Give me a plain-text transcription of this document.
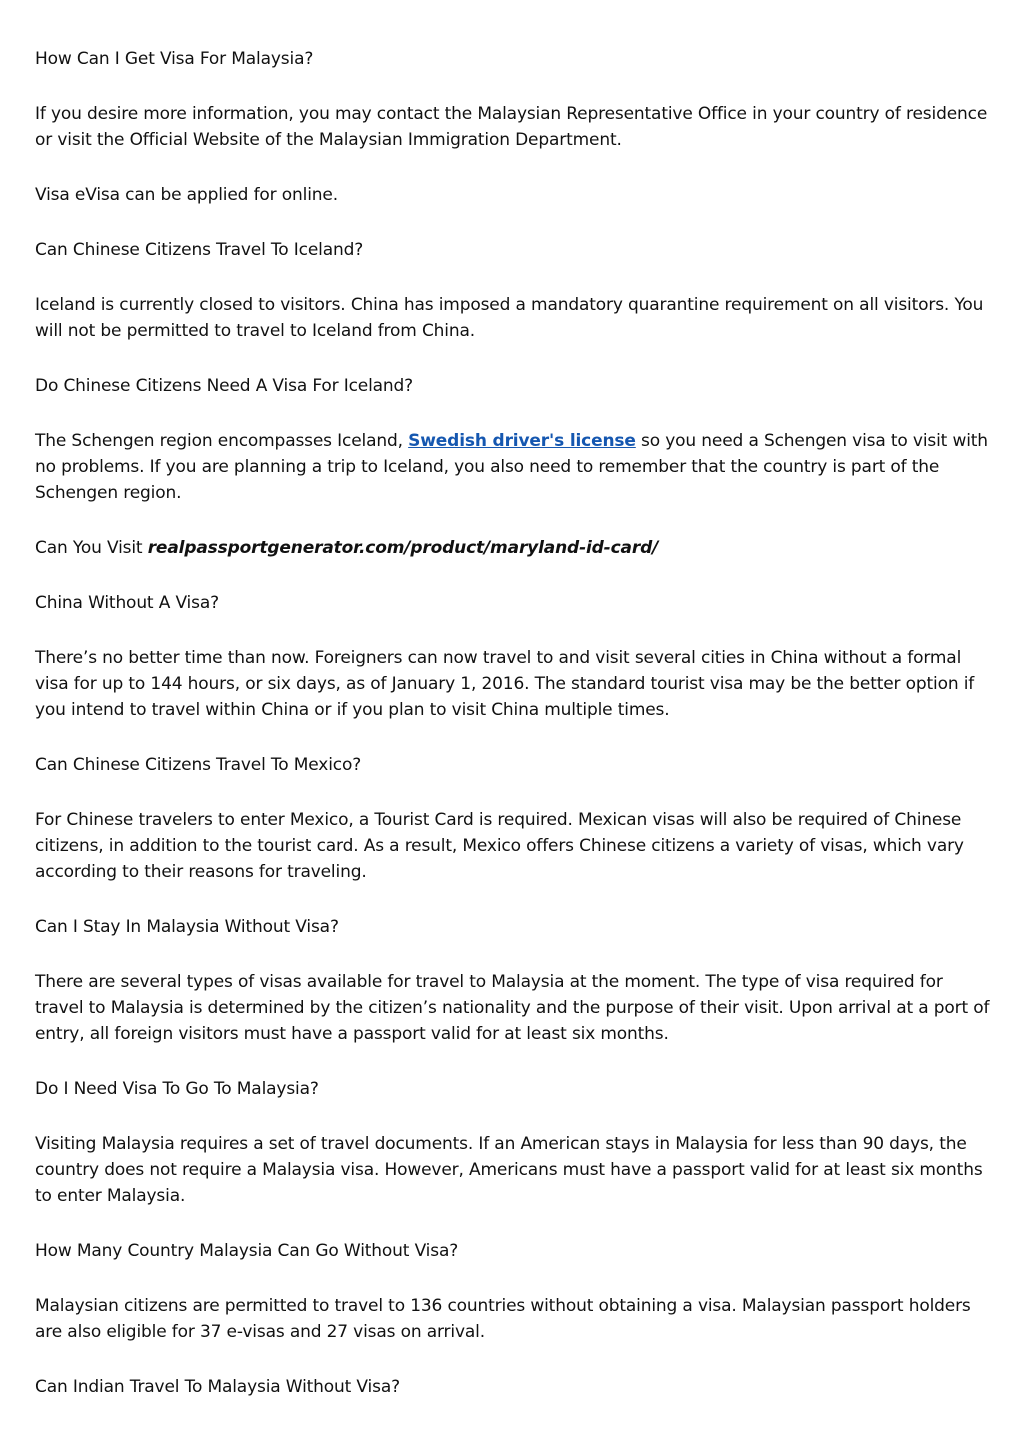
How Can I Get Visa For Malaysia?

If you desire more information, you may contact the Malaysian Representative Office in your country of residence or visit the Official Website of the Malaysian Immigration Department.

Visa eVisa can be applied for online.

Can Chinese Citizens Travel To Iceland?

Iceland is currently closed to visitors. China has imposed a mandatory quarantine requirement on all visitors. You will not be permitted to travel to Iceland from China.

Do Chinese Citizens Need A Visa For Iceland?

The Schengen region encompasses Iceland, Swedish driver's license so you need a Schengen visa to visit with no problems. If you are planning a trip to Iceland, you also need to remember that the country is part of the Schengen region.

Can You Visit realpassportgenerator.com/product/maryland-id-card/

China Without A Visa?

There’s no better time than now. Foreigners can now travel to and visit several cities in China without a formal visa for up to 144 hours, or six days, as of January 1, 2016. The standard tourist visa may be the better option if you intend to travel within China or if you plan to visit China multiple times.

Can Chinese Citizens Travel To Mexico?

For Chinese travelers to enter Mexico, a Tourist Card is required. Mexican visas will also be required of Chinese citizens, in addition to the tourist card. As a result, Mexico offers Chinese citizens a variety of visas, which vary according to their reasons for traveling.

Can I Stay In Malaysia Without Visa?

There are several types of visas available for travel to Malaysia at the moment. The type of visa required for travel to Malaysia is determined by the citizen’s nationality and the purpose of their visit. Upon arrival at a port of entry, all foreign visitors must have a passport valid for at least six months.

Do I Need Visa To Go To Malaysia?

Visiting Malaysia requires a set of travel documents. If an American stays in Malaysia for less than 90 days, the country does not require a Malaysia visa. However, Americans must have a passport valid for at least six months to enter Malaysia.

How Many Country Malaysia Can Go Without Visa?

Malaysian citizens are permitted to travel to 136 countries without obtaining a visa. Malaysian passport holders are also eligible for 37 e-visas and 27 visas on arrival.

Can Indian Travel To Malaysia Without Visa?
